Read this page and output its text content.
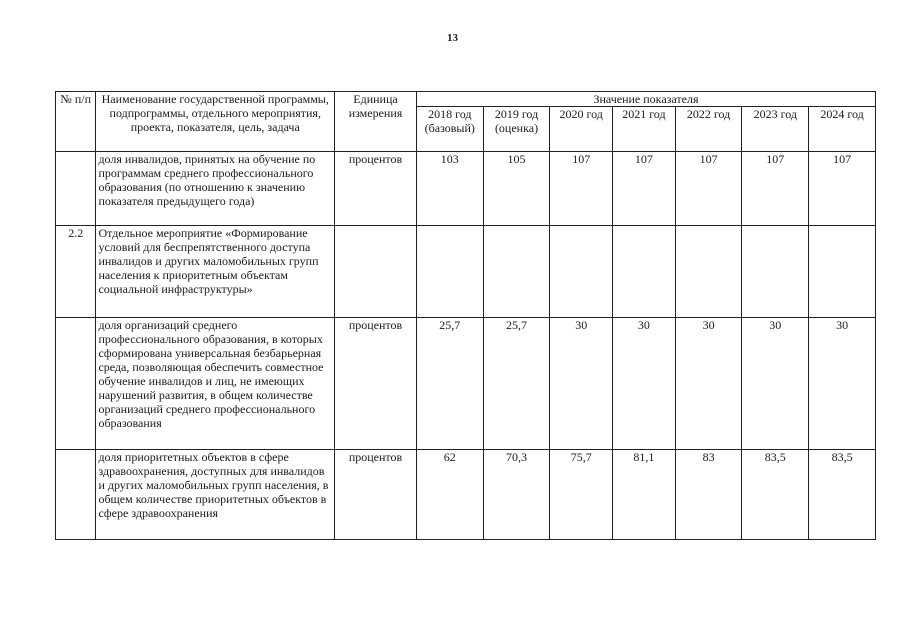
13
№ п/п	Наименование государственной программы, подпрограммы, отдельного мероприятия, проекта, показателя, цель, задача	Единица измерения	Значение показателя						
			2018 год (базовый)	2019 год (оценка)	2020 год	2021 год	2022 год	2023 год	2024 год
	доля инвалидов, принятых на обучение по программам среднего профессионального образования (по отношению к значению показателя предыдущего года)	процентов	103	105	107	107	107	107	107
2.2	Отдельное мероприятие «Формирование условий для беспрепятственного доступа инвалидов и других маломобильных групп населения к приоритетным объектам социальной инфраструктуры»								
	доля организаций среднего профессионального образования, в которых сформирована универсальная безбарьерная среда, позволяющая обеспечить совместное обучение инвалидов и лиц, не имеющих нарушений развития, в общем количестве организаций среднего профессионального образования	процентов	25,7	25,7	30	30	30	30	30
	доля приоритетных объектов в сфере здравоохранения, доступных для инвалидов и других маломобильных групп населения, в общем количестве приоритетных объектов в сфере здравоохранения	процентов	62	70,3	75,7	81,1	83	83,5	83,5
